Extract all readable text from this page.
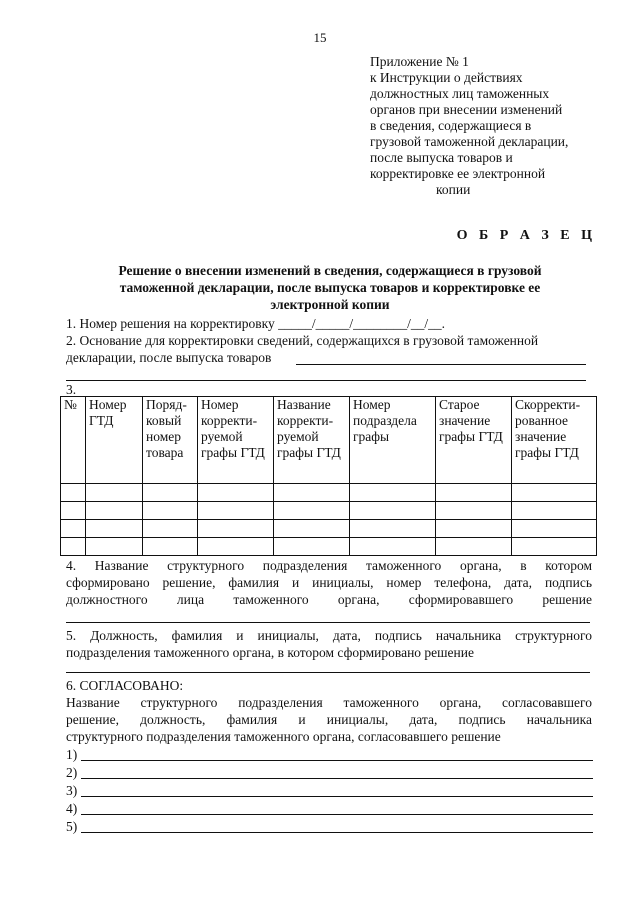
15
Приложение № 1
к Инструкции о действиях
должностных лиц таможенных
органов при внесении изменений
в сведения, содержащиеся в
грузовой таможенной декларации,
после выпуска товаров и
корректировке ее электронной
копии
О Б Р А З Е Ц
Решение о внесении изменений в сведения, содержащиеся в грузовой
таможенной декларации, после выпуска товаров и корректировке ее
электронной копии
1. Номер решения на корректировку _____/_____/________/__/__.
2. Основание для корректировки сведений, содержащихся в грузовой таможенной
декларации, после выпуска товаров
3.
№	Номер ГТД	Поряд-ковый номер товара	Номер корректи-руемой графы ГТД	Название корректи-руемой графы ГТД	Номер подраздела графы	Старое значение графы ГТД	Скорректи-рованное значение графы ГТД

4. Название структурного подразделения таможенного органа, в котором
сформировано решение, фамилия и инициалы, номер телефона, дата, подпись
должностного лица таможенного органа, сформировавшего решение
5. Должность, фамилия и инициалы, дата, подпись начальника структурного
подразделения таможенного органа, в котором сформировано решение
6. СОГЛАСОВАНО:
Название структурного подразделения таможенного органа, согласовавшего
решение, должность, фамилия и инициалы, дата, подпись начальника
структурного подразделения таможенного органа, согласовавшего решение
1)
2)
3)
4)
5)
